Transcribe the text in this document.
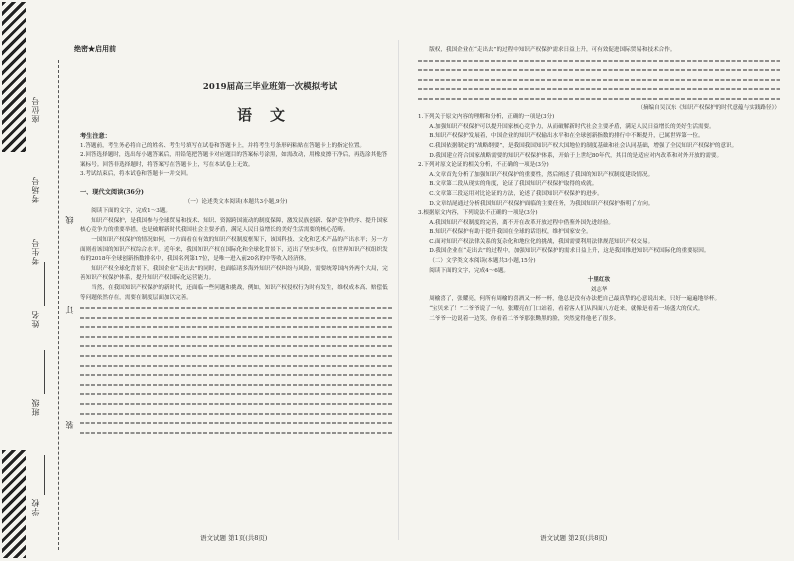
学校
班级
姓名
考生号
考场号
座位号
装
订
线
绝密★启用前
2019届高三毕业班第一次模拟考试
语文

考生注意：

1.答题前，考生务必将自己的姓名、考生号填写在试卷和答题卡上，并将考生号条形码粘贴在答题卡上的指定位置。

2.回答选择题时，选出每小题答案后，用铅笔把答题卡对应题目的答案标号涂黑，如需改动，用橡皮擦干净后，再选涂其他答案标号。回答非选择题时，将答案写在答题卡上，写在本试卷上无效。

3.考试结束后，将本试卷和答题卡一并交回。

一、现代文阅读(36分)

（一）论述类文本阅读(本题共3小题,9分)

阅读下面的文字，完成1～3题。

知识产权保护，是我国参与全球贸易和技术、知识、资源跨国流动的制度保障，激发民族创新、保护竞争秩序、提升国家核心竞争力的重要举措，也是破解新时代我国社会主要矛盾，满足人民日益增长的美好生活需要的核心范畴。

一国知识产权保护的情况如何，一方面看在有效的知识产权制度框架下，该国科技、文化和艺术产品的产出水平；另一方面则看该国的知识产权综合水平。近年来，我国知识产权在国际化和全球化背景下，迈出了坚实步伐，在世界知识产权组织发布的2018年全球创新指数排名中，我国名列第17位，是唯一进入前20名的中等收入经济体。

知识产权全球化背景下，我国企业“走出去”的同时，也面临诸多海外知识产权纠纷与风险，需要统筹国内外两个大局，完善知识产权保护体系，提升知识产权国际化运营能力。

当然，在我国知识产权保护的新时代，还面临一些问题和挑战，例如，知识产权侵权行为时有发生，维权成本高、赔偿低等问题依然存在，需要在制度层面加以完善。

版权，我国企业在“走出去”的过程中知识产权保护需求日益上升，可有效促进国际贸易和技术合作。

（摘编自吴汉东《知识产权保护的时代意蕴与实践路径》）

1.下列关于原文内容的理解和分析，正确的一项是(3分)

A.加强知识产权保护可以提升国家核心竞争力，从而破解新时代社会主要矛盾，满足人民日益增长的美好生活需要。

B.知识产权保护发展着，中国企业的知识产权输出水平和在全球创新指数的排行中不断提升，已属世界第一位。

C.我国依据制定的“战略纲要”，是我国我国知识产权大国地位的制度基础和社会认同基础，增强了全民知识产权保护的意识。

D.我国建立符合国家战略需要的知识产权保护体系，开始于上世纪80年代，其目的是适应对内改革和对外开放的需要。

2.下列对原文论证的相关分析，不正确的一项是(3分)

A.文章首先分析了加强知识产权保护的重要性，然后阐述了我国的知识产权制度建设情况。

B.文章第二段从现实的角度，论证了我国知识产权保护取得的成就。

C.文章第三段运用对比论证的方法，论述了我国知识产权保护的进步。

D.文章结尾通过分析我国知识产权保护面临的主要任务，为我国知识产权保护指明了方向。

3.根据原文内容，下列说法不正确的一项是(3分)

A.我国知识产权制度的完善，离不开在改革开放过程中借鉴外国先进经验。

B.知识产权保护有助于提升我国在全球的话语权，维护国家安全。

C.面对知识产权法律关系的复杂化和地位化的挑战，我国需要利用法律规范知识产权交易。

D.我国企业在“走出去”的过程中，加强知识产权保护的需求日益上升，这是我国推进知识产权国际化的重要原因。

（二）文学类文本阅读(本题共3小题,15分)

阅读下面的文字，完成4～6题。

十里红妆

刘志华

周榆喜了，张耀亮，何所有周榆的喜酒又一杯一杯，他总是没有办法把自己最真挚的心意说出来，只好一遍遍地举杯。

“宝贝来了！”二爷爷说了一句。张耀亮在门口站着，看着客人们从四面八方赶来，就像是看着一场盛大的仪式。

二爷爷一边说着一边笑，你看着二爷爷那张黝黑的脸，突然觉得他老了很多。

语文试题 第1页(共8页)	语文试题 第2页(共8页)
